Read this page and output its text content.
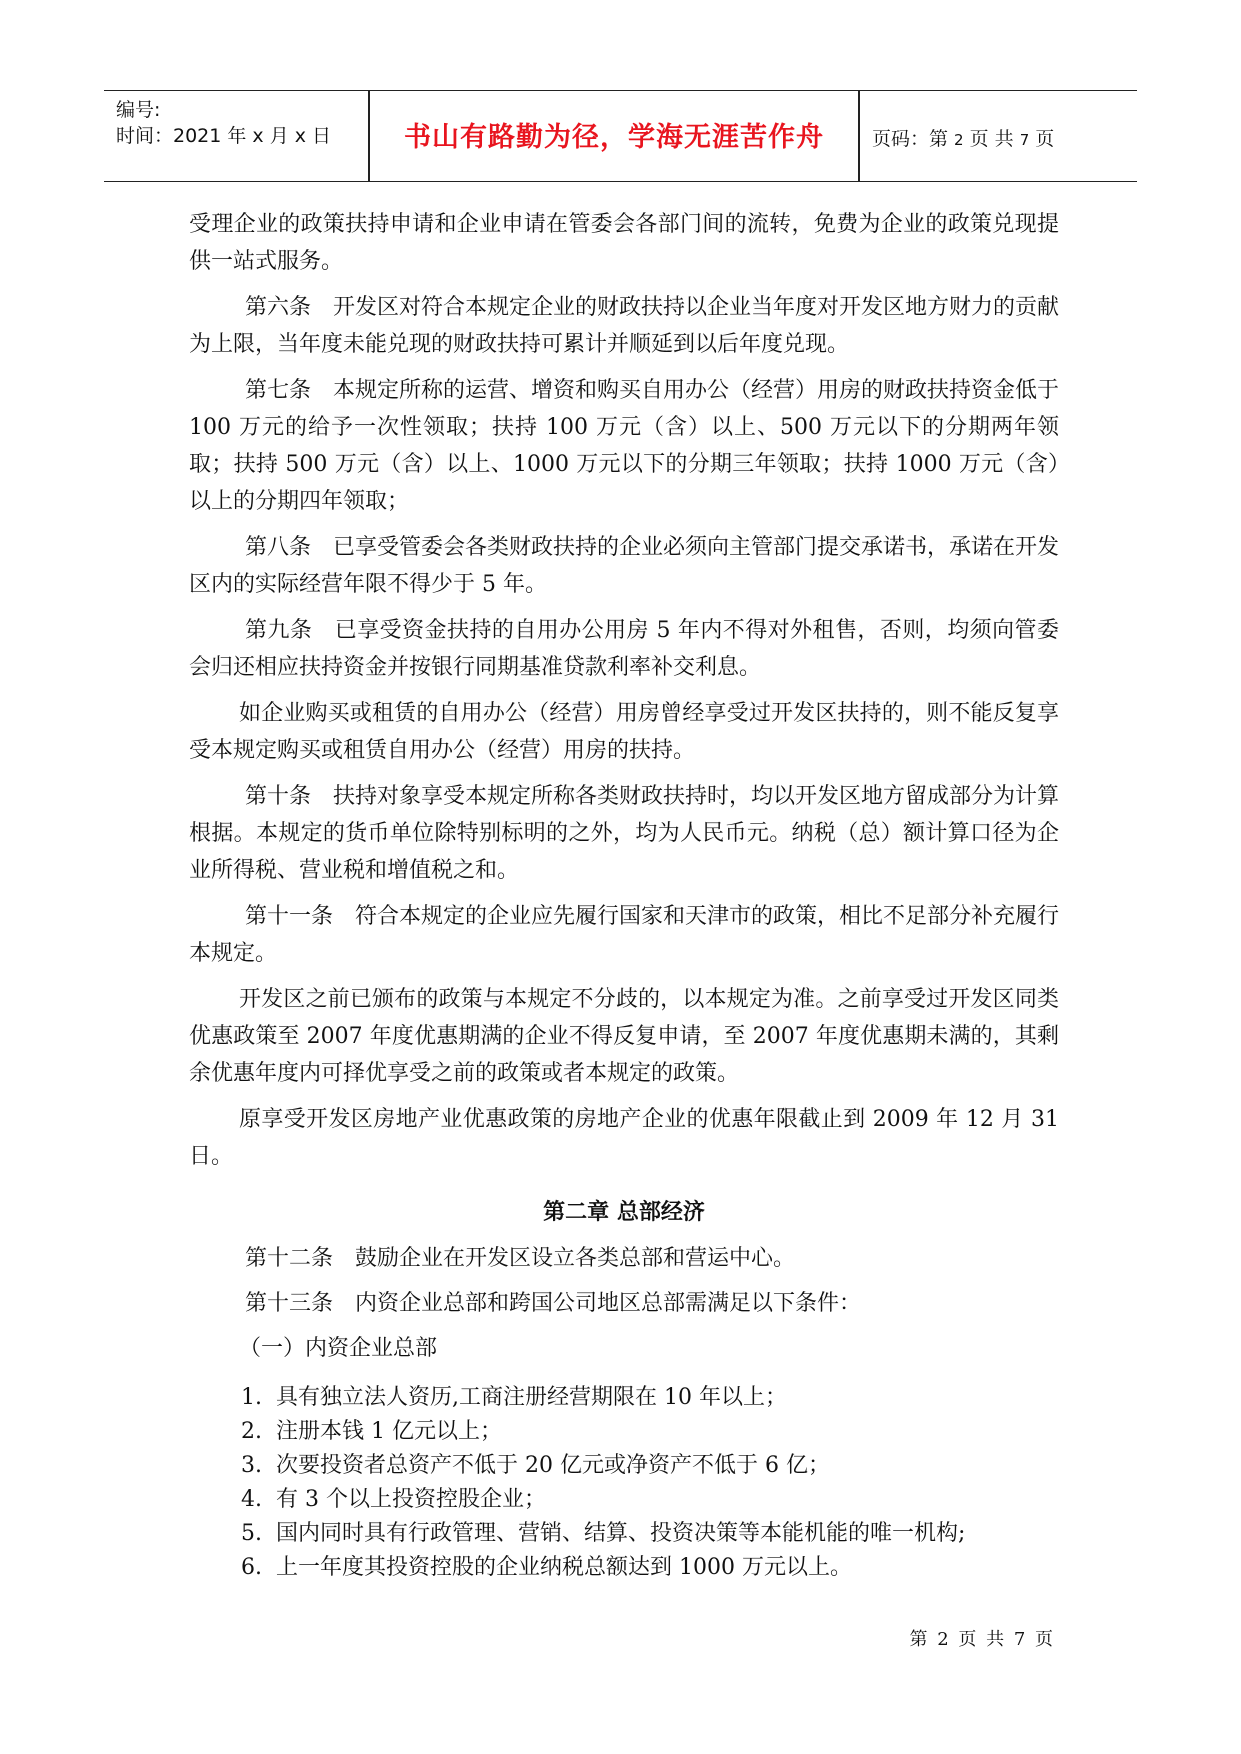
编号:
时间：2021 年 x 月 x 日	书山有路勤为径，学海无涯苦作舟	页码：第 2 页 共 7 页

受理企业的政策扶持申请和企业申请在管委会各部门间的流转，免费为企业的政策兑现提供一站式服务。

第六条　开发区对符合本规定企业的财政扶持以企业当年度对开发区地方财力的贡献为上限，当年度未能兑现的财政扶持可累计并顺延到以后年度兑现。

第七条　本规定所称的运营、增资和购买自用办公（经营）用房的财政扶持资金低于 100 万元的给予一次性领取；扶持 100 万元（含）以上、500 万元以下的分期两年领取；扶持 500 万元（含）以上、1000 万元以下的分期三年领取；扶持 1000 万元（含）以上的分期四年领取；

第八条　已享受管委会各类财政扶持的企业必须向主管部门提交承诺书，承诺在开发区内的实际经营年限不得少于 5 年。

第九条　已享受资金扶持的自用办公用房 5 年内不得对外租售，否则，均须向管委会归还相应扶持资金并按银行同期基准贷款利率补交利息。

如企业购买或租赁的自用办公（经营）用房曾经享受过开发区扶持的，则不能反复享受本规定购买或租赁自用办公（经营）用房的扶持。

第十条　扶持对象享受本规定所称各类财政扶持时，均以开发区地方留成部分为计算根据。本规定的货币单位除特别标明的之外，均为人民币元。纳税（总）额计算口径为企业所得税、营业税和增值税之和。

第十一条　符合本规定的企业应先履行国家和天津市的政策，相比不足部分补充履行本规定。

开发区之前已颁布的政策与本规定不分歧的，以本规定为准。之前享受过开发区同类优惠政策至 2007 年度优惠期满的企业不得反复申请，至 2007 年度优惠期未满的，其剩余优惠年度内可择优享受之前的政策或者本规定的政策。

原享受开发区房地产业优惠政策的房地产企业的优惠年限截止到 2009 年 12 月 31 日。

第二章 总部经济

第十二条　鼓励企业在开发区设立各类总部和营运中心。

第十三条　内资企业总部和跨国公司地区总部需满足以下条件：

（一）内资企业总部

1. 具有独立法人资历,工商注册经营期限在 10 年以上；
2. 注册本钱 1 亿元以上；
3. 次要投资者总资产不低于 20 亿元或净资产不低于 6 亿；
4. 有 3 个以上投资控股企业；
5. 国内同时具有行政管理、营销、结算、投资决策等本能机能的唯一机构;
6. 上一年度其投资控股的企业纳税总额达到 1000 万元以上。
第 2 页 共 7 页
